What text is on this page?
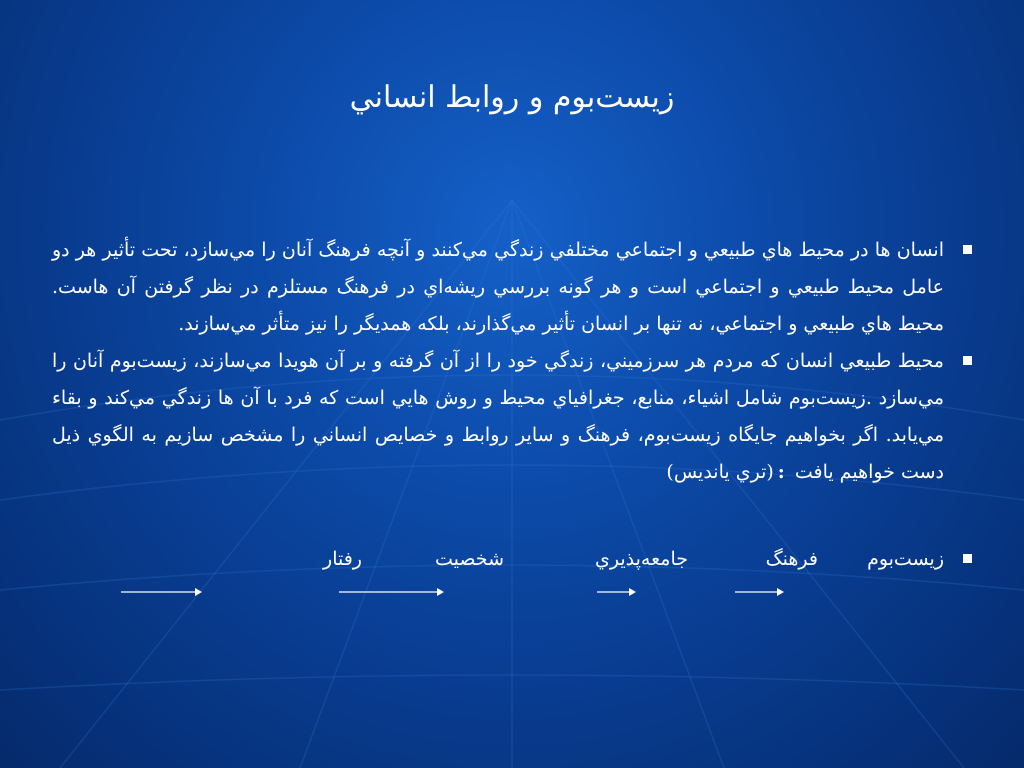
زيست‌بوم و روابط انساني
انسان ها در محيط هاي طبيعي و اجتماعي مختلفي زندگي مي‌كنند و آنچه فرهنگ آنان را مي‌سازد، تحت تأثير هر دو عامل محيط طبيعي و اجتماعي است و هر گونه بررسي ريشه‌اي در فرهنگ مستلزم در نظر گرفتن آن هاست. محيط هاي طبيعي و اجتماعي، نه تنها بر انسان تأثير مي‌گذارند، بلكه همديگر را نيز متأثر مي‌سازند.
محيط طبيعي انسان كه مردم هر سرزميني، زندگي خود را از آن گرفته و بر آن هويدا مي‌سازند، زيست‌بوم آنان را مي‌سازد .زيست‌بوم شامل اشياء، منابع، جغرافياي محيط و روش هايي است كه فرد با آن ها زندگي مي‌كند و بقاء مي‌يابد. اگر بخواهيم جايگاه زيست‌بوم، فرهنگ و ساير روابط و خصايص انساني را مشخص سازيم به الگوي ذيل دست خواهيم يافت :(تري ياندیس)
زيست‌بوم
فرهنگ
جامعه‌پذيري
شخصيت
رفتار
